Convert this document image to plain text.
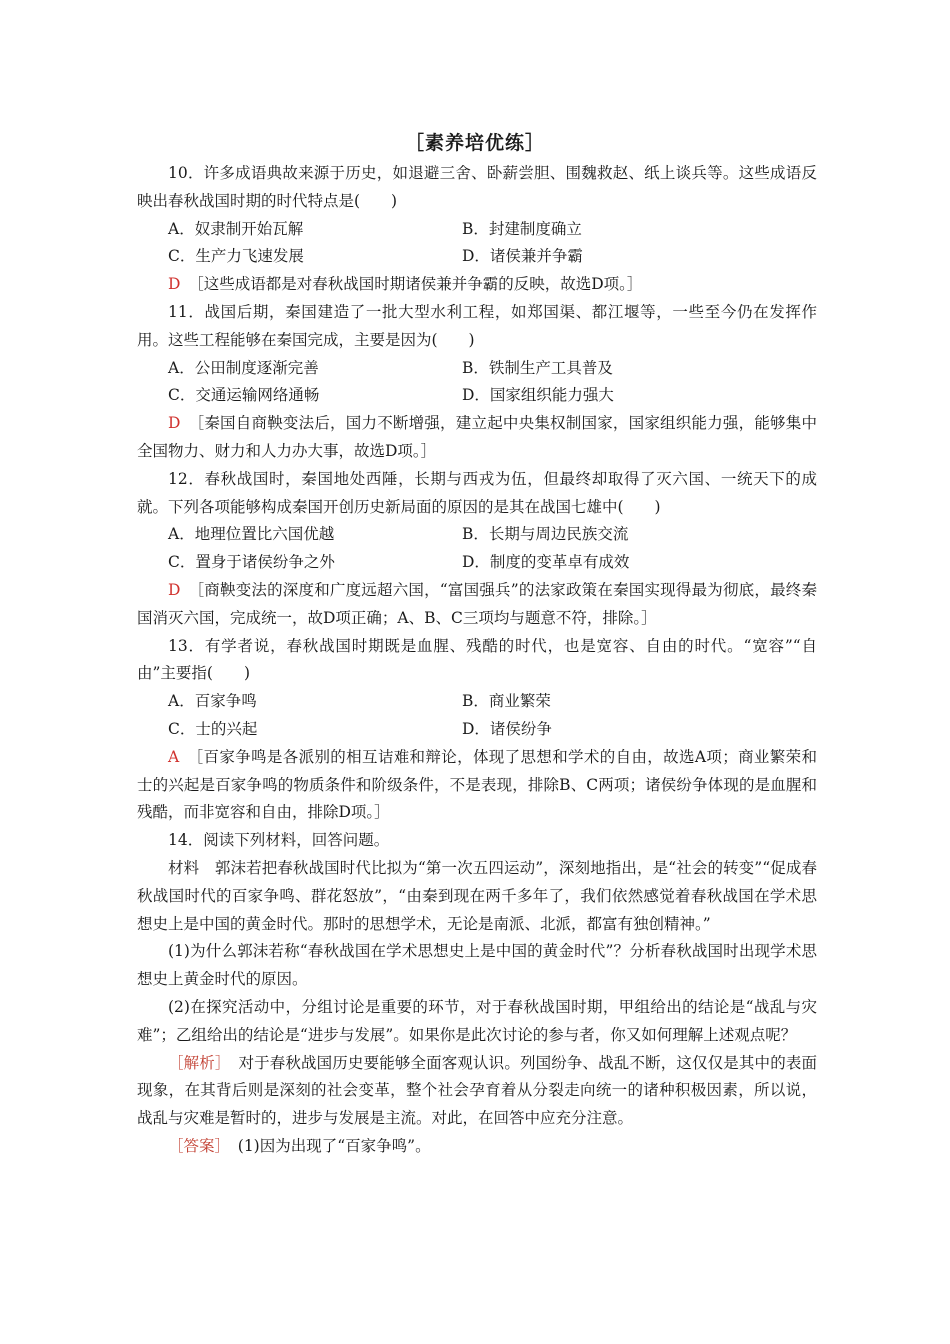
［素养培优练］

10．许多成语典故来源于历史，如退避三舍、卧薪尝胆、围魏救赵、纸上谈兵等。这些成语反映出春秋战国时期的时代特点是(　　)

A．奴隶制开始瓦解	B．封建制度确立
C．生产力飞速发展	D．诸侯兼并争霸

D　 ［这些成语都是对春秋战国时期诸侯兼并争霸的反映，故选D项。］

11．战国后期，秦国建造了一批大型水利工程，如郑国渠、都江堰等，一些至今仍在发挥作用。这些工程能够在秦国完成，主要是因为(　　)

A．公田制度逐渐完善	B．铁制生产工具普及
C．交通运输网络通畅	D．国家组织能力强大

D　 ［秦国自商鞅变法后，国力不断增强，建立起中央集权制国家，国家组织能力强，能够集中全国物力、财力和人力办大事，故选D项。］

12．春秋战国时，秦国地处西陲，长期与西戎为伍，但最终却取得了灭六国、一统天下的成就。下列各项能够构成秦国开创历史新局面的原因的是其在战国七雄中(　　)

A．地理位置比六国优越	B．长期与周边民族交流
C．置身于诸侯纷争之外	D．制度的变革卓有成效

D　 ［商鞅变法的深度和广度远超六国，“富国强兵”的法家政策在秦国实现得最为彻底，最终秦国消灭六国，完成统一，故D项正确；A、B、C三项均与题意不符，排除。］

13．有学者说，春秋战国时期既是血腥、残酷的时代，也是宽容、自由的时代。“宽容”“自由”主要指(　　)

A．百家争鸣	B．商业繁荣
C．士的兴起	D．诸侯纷争

A　 ［百家争鸣是各派别的相互诘难和辩论，体现了思想和学术的自由，故选A项；商业繁荣和士的兴起是百家争鸣的物质条件和阶级条件，不是表现，排除B、C两项；诸侯纷争体现的是血腥和残酷，而非宽容和自由，排除D项。］

14．阅读下列材料，回答问题。

材料　郭沫若把春秋战国时代比拟为“第一次五四运动”，深刻地指出，是“社会的转变”“促成春秋战国时代的百家争鸣、群花怒放”，“由秦到现在两千多年了，我们依然感觉着春秋战国在学术思想史上是中国的黄金时代。那时的思想学术，无论是南派、北派，都富有独创精神。”

(1)为什么郭沫若称“春秋战国在学术思想史上是中国的黄金时代”？分析春秋战国时出现学术思想史上黄金时代的原因。

(2)在探究活动中，分组讨论是重要的环节，对于春秋战国时期，甲组给出的结论是“战乱与灾难”；乙组给出的结论是“进步与发展”。如果你是此次讨论的参与者，你又如何理解上述观点呢？

［解析］　对于春秋战国历史要能够全面客观认识。列国纷争、战乱不断，这仅仅是其中的表面现象，在其背后则是深刻的社会变革，整个社会孕育着从分裂走向统一的诸种积极因素，所以说，战乱与灾难是暂时的，进步与发展是主流。对此，在回答中应充分注意。

［答案］　(1)因为出现了“百家争鸣”。
